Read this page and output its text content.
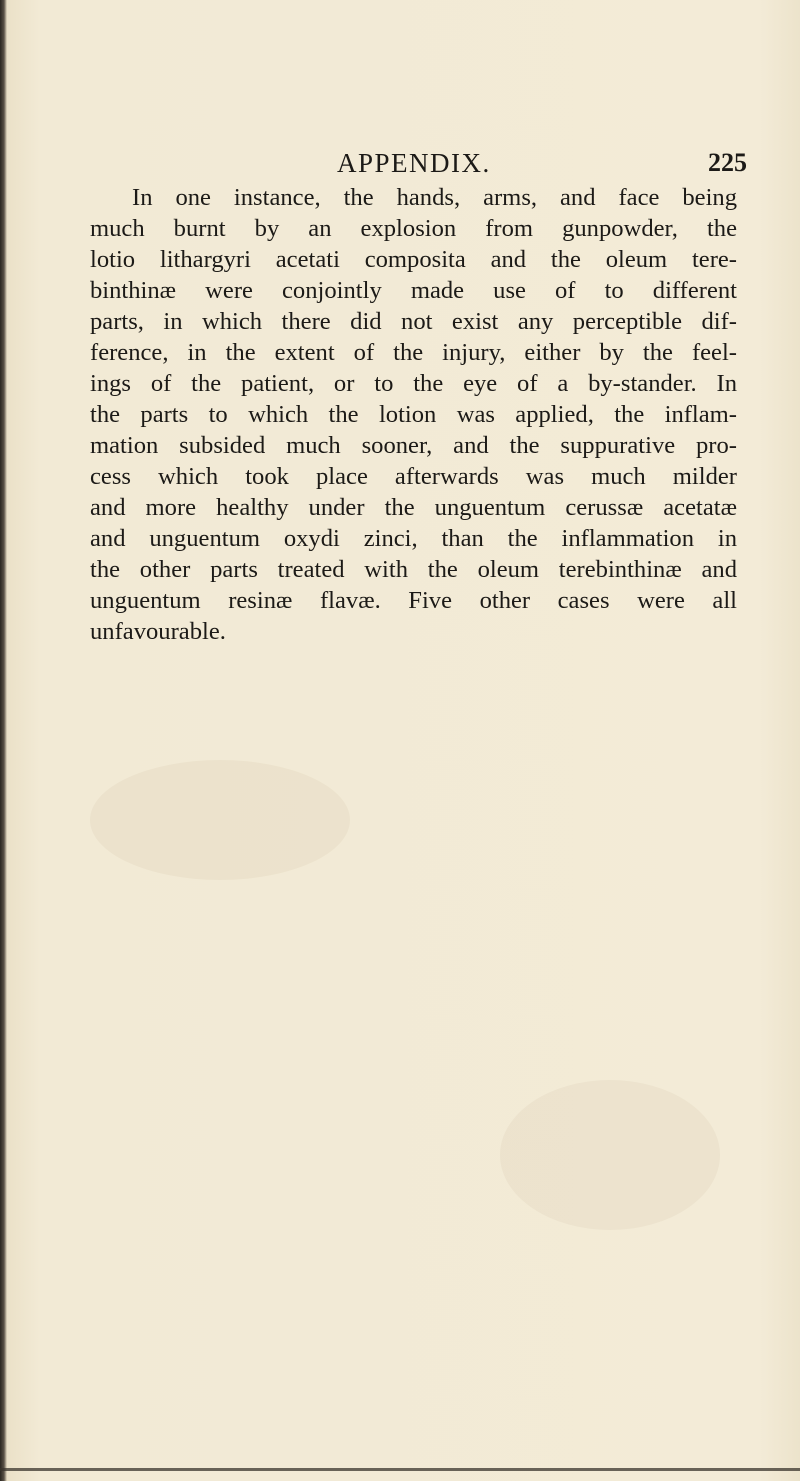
APPENDIX.	225
In one instance, the hands, arms, and face being
much burnt by an explosion from gunpowder, the
lotio lithargyri acetati composita and the oleum tere-
binthinæ were conjointly made use of to different
parts, in which there did not exist any perceptible dif-
ference, in the extent of the injury, either by the feel-
ings of the patient, or to the eye of a by-stander. In
the parts to which the lotion was applied, the inflam-
mation subsided much sooner, and the suppurative pro-
cess which took place afterwards was much milder
and more healthy under the unguentum cerussæ acetatæ
and unguentum oxydi zinci, than the inflammation in
the other parts treated with the oleum terebinthinæ and
unguentum resinæ flavæ. Five other cases were all
unfavourable.
